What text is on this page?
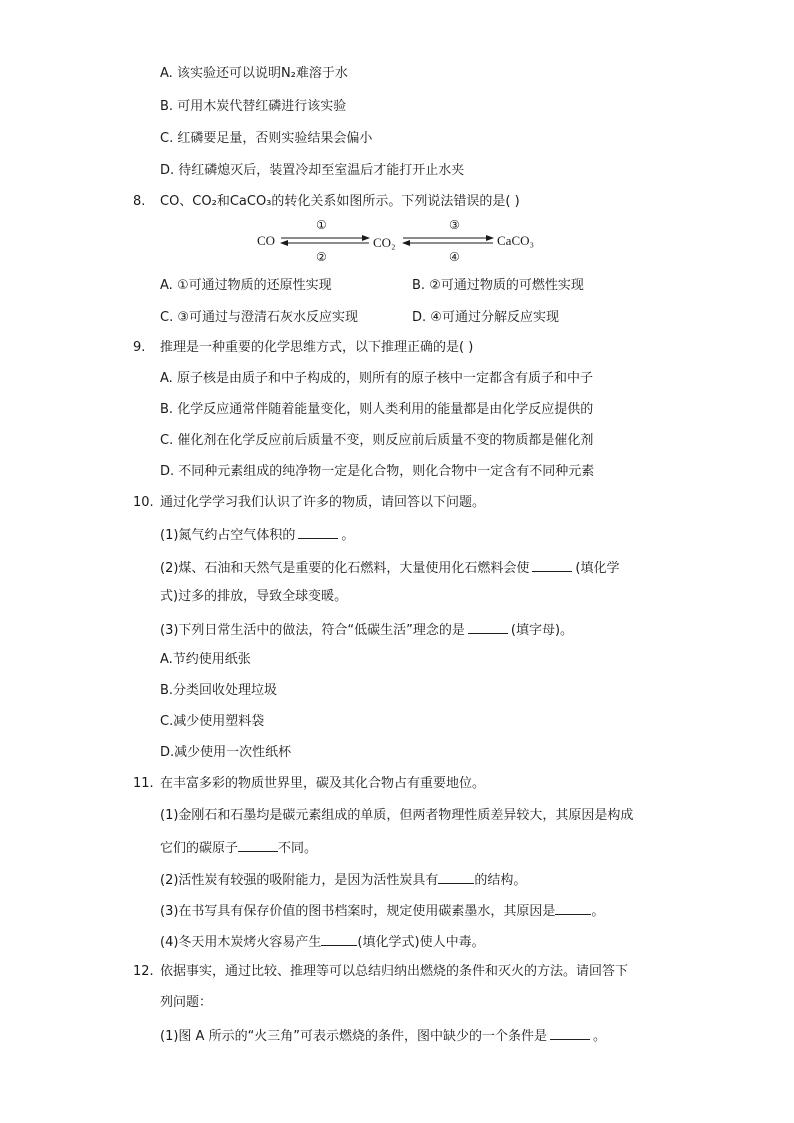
A. 该实验还可以说明N₂难溶于水
B. 可用木炭代替红磷进行该实验
C. 红磷要足量，否则实验结果会偏小
D. 待红磷熄灭后，装置冷却至室温后才能打开止水夹
8. CO、CO₂和CaCO₃的转化关系如图所示。下列说法错误的是( )
CO	CO₂	CaCO₃
①
②
③
④
A. ①可通过物质的还原性实现	B. ②可通过物质的可燃性实现
C. ③可通过与澄清石灰水反应实现	D. ④可通过分解反应实现
9. 推理是一种重要的化学思维方式，以下推理正确的是( )
A. 原子核是由质子和中子构成的，则所有的原子核中一定都含有质子和中子
B. 化学反应通常伴随着能量变化，则人类利用的能量都是由化学反应提供的
C. 催化剂在化学反应前后质量不变，则反应前后质量不变的物质都是催化剂
D. 不同种元素组成的纯净物一定是化合物，则化合物中一定含有不同种元素
10. 通过化学学习我们认识了许多的物质，请回答以下问题。
(1)氮气约占空气体积的	。
(2)煤、石油和天然气是重要的化石燃料，大量使用化石燃料会使	(填化学
式)过多的排放，导致全球变暖。
(3)下列日常生活中的做法，符合“低碳生活”理念的是	(填字母)。
A.节约使用纸张
B.分类回收处理垃圾
C.减少使用塑料袋
D.减少使用一次性纸杯
11. 在丰富多彩的物质世界里，碳及其化合物占有重要地位。
(1)金刚石和石墨均是碳元素组成的单质，但两者物理性质差异较大，其原因是构成
它们的碳原子	不同。
(2)活性炭有较强的吸附能力，是因为活性炭具有	的结构。
(3)在书写具有保存价值的图书档案时，规定使用碳素墨水，其原因是	。
(4)冬天用木炭烤火容易产生	(填化学式)使人中毒。
12. 依据事实，通过比较、推理等可以总结归纳出燃烧的条件和灭火的方法。请回答下
列问题：
(1)图 A 所示的“火三角”可表示燃烧的条件，图中缺少的一个条件是	。
